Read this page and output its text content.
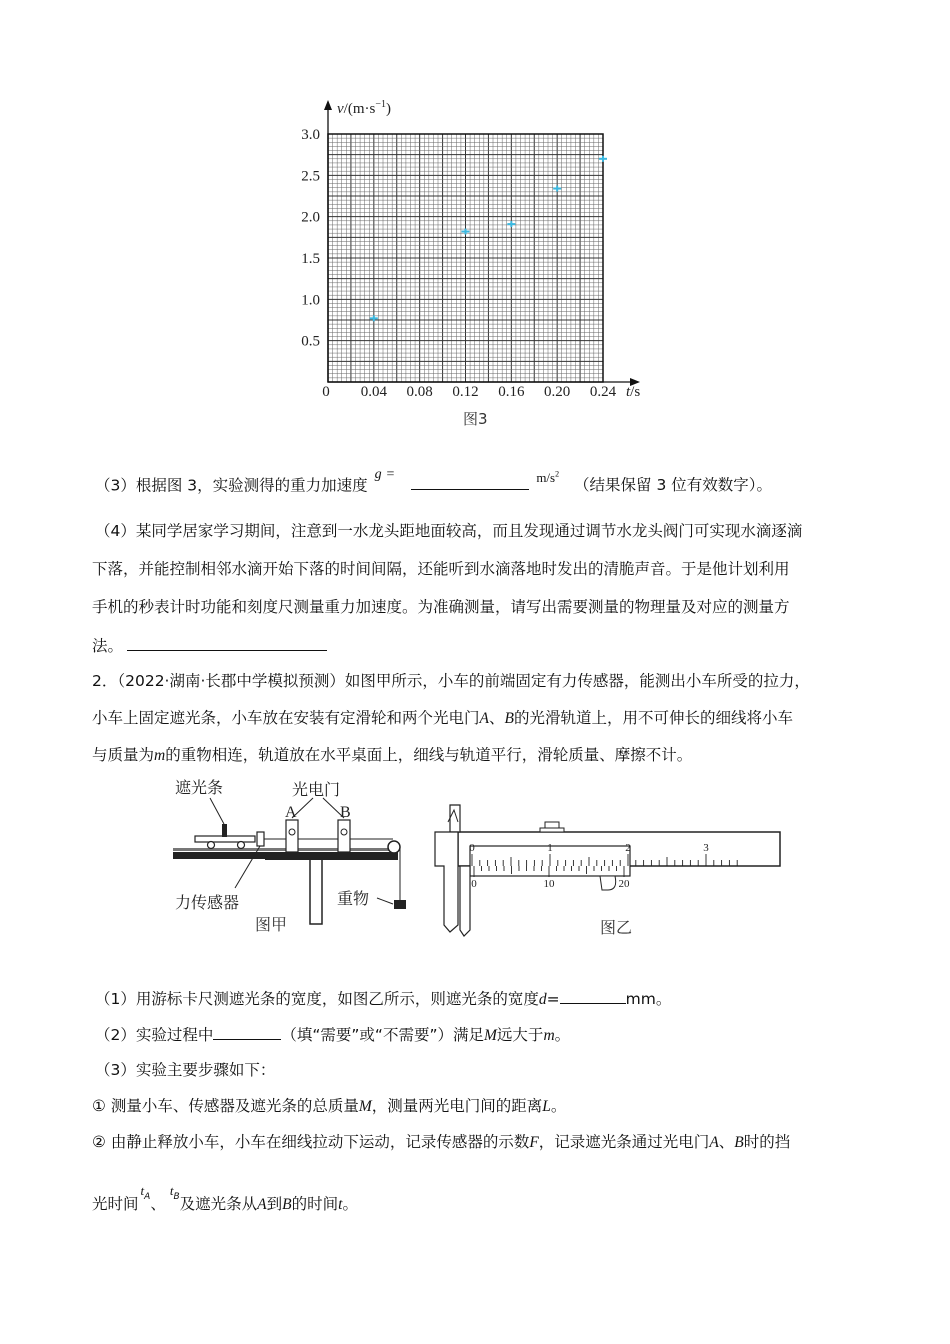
$v/(m\cdot s^{-1})$
t/s
0 0.04 0.08 0.12 0.16 0.20 0.24
0.5
1.0
1.5
2.0
2.5
3.0
图3
（3）根据图 3，实验测得的重力加速度 g =	$^{m/s^2}$ （结果保留 3 位有效数字）。
（4）某同学居家学习期间，注意到一水龙头距地面较高，而且发现通过调节水龙头阀门可实现水滴逐滴
下落，并能控制相邻水滴开始下落的时间间隔，还能听到水滴落地时发出的清脆声音。于是他计划利用
手机的秒表计时功能和刻度尺测量重力加速度。为准确测量，请写出需要测量的物理量及对应的测量方
法。
2．（2022·湖南·长郡中学模拟预测）如图甲所示，小车的前端固定有力传感器，能测出小车所受的拉力，
小车上固定遮光条，小车放在安装有定滑轮和两个光电门A、B的光滑轨道上，用不可伸长的细线将小车
与质量为m的重物相连，轨道放在水平桌面上，细线与轨道平行，滑轮质量、摩擦不计。
遮光条	光电门
A	B
力传感器	重物
图甲
0	1	2	3
0	10	20
图乙
（1）用游标卡尺测遮光条的宽度，如图乙所示，则遮光条的宽度d=	mm。
（2）实验过程中	（填“需要”或“不需要”）满足M远大于m。
（3）实验主要步骤如下：
① 测量小车、传感器及遮光条的总质量M，测量两光电门间的距离L。
② 由静止释放小车，小车在细线拉动下运动，记录传感器的示数F，记录遮光条通过光电门A、B时的挡
光时间$t_A$、$t_B$及遮光条从A到B的时间t。
